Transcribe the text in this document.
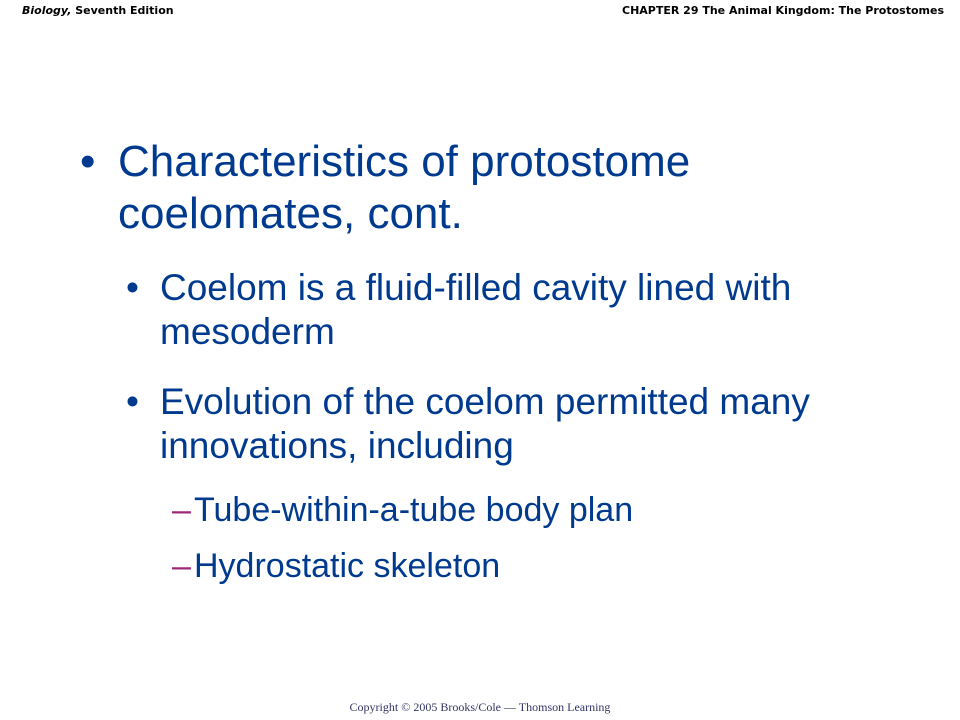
Biology, Seventh Edition	CHAPTER 29 The Animal Kingdom: The Protostomes
• Characteristics of protostome coelomates, cont.
• Coelom is a fluid-filled cavity lined with mesoderm
• Evolution of the coelom permitted many innovations, including
– Tube-within-a-tube body plan
– Hydrostatic skeleton
Copyright © 2005 Brooks/Cole — Thomson Learning
